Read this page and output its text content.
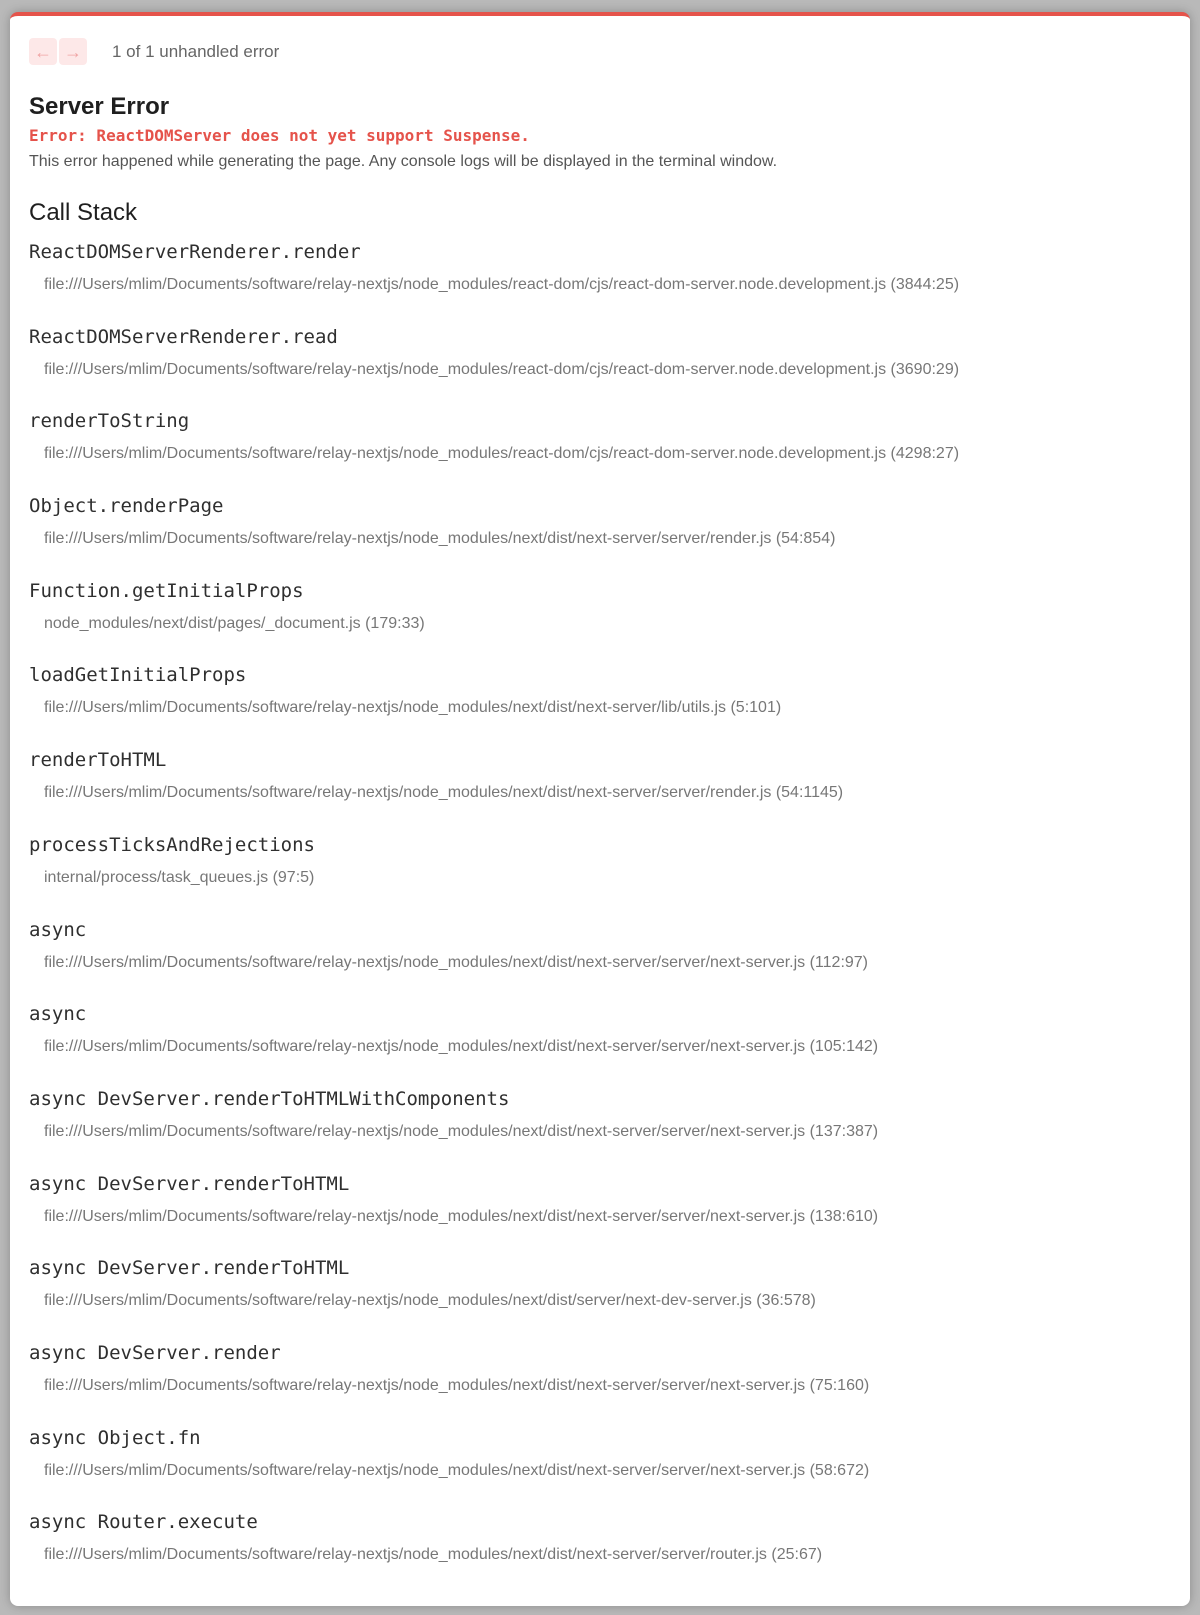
← → 1 of 1 unhandled error
Server Error
Error: ReactDOMServer does not yet support Suspense.
This error happened while generating the page. Any console logs will be displayed in the terminal window.
Call Stack
ReactDOMServerRenderer.render
file:///Users/mlim/Documents/software/relay-nextjs/node_modules/react-dom/cjs/react-dom-server.node.development.js (3844:25)
ReactDOMServerRenderer.read
file:///Users/mlim/Documents/software/relay-nextjs/node_modules/react-dom/cjs/react-dom-server.node.development.js (3690:29)
renderToString
file:///Users/mlim/Documents/software/relay-nextjs/node_modules/react-dom/cjs/react-dom-server.node.development.js (4298:27)
Object.renderPage
file:///Users/mlim/Documents/software/relay-nextjs/node_modules/next/dist/next-server/server/render.js (54:854)
Function.getInitialProps
node_modules/next/dist/pages/_document.js (179:33)
loadGetInitialProps
file:///Users/mlim/Documents/software/relay-nextjs/node_modules/next/dist/next-server/lib/utils.js (5:101)
renderToHTML
file:///Users/mlim/Documents/software/relay-nextjs/node_modules/next/dist/next-server/server/render.js (54:1145)
processTicksAndRejections
internal/process/task_queues.js (97:5)
async
file:///Users/mlim/Documents/software/relay-nextjs/node_modules/next/dist/next-server/server/next-server.js (112:97)
async
file:///Users/mlim/Documents/software/relay-nextjs/node_modules/next/dist/next-server/server/next-server.js (105:142)
async DevServer.renderToHTMLWithComponents
file:///Users/mlim/Documents/software/relay-nextjs/node_modules/next/dist/next-server/server/next-server.js (137:387)
async DevServer.renderToHTML
file:///Users/mlim/Documents/software/relay-nextjs/node_modules/next/dist/next-server/server/next-server.js (138:610)
async DevServer.renderToHTML
file:///Users/mlim/Documents/software/relay-nextjs/node_modules/next/dist/server/next-dev-server.js (36:578)
async DevServer.render
file:///Users/mlim/Documents/software/relay-nextjs/node_modules/next/dist/next-server/server/next-server.js (75:160)
async Object.fn
file:///Users/mlim/Documents/software/relay-nextjs/node_modules/next/dist/next-server/server/next-server.js (58:672)
async Router.execute
file:///Users/mlim/Documents/software/relay-nextjs/node_modules/next/dist/next-server/server/router.js (25:67)
